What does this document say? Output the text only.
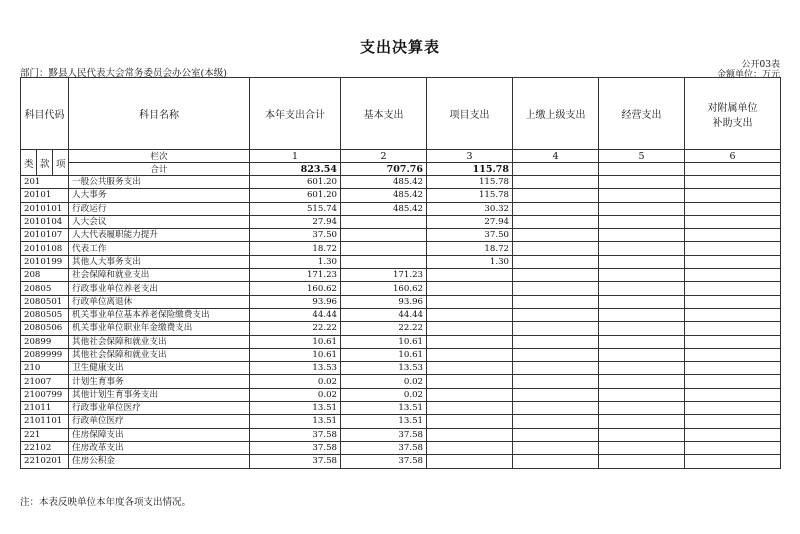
支出决算表
部门：黟县人民代表大会常务委员会办公室(本级)
公开03表
金额单位：万元
科目代码			科目名称	本年支出合计	基本支出	项目支出	上缴上级支出	经营支出	对附属单位
补助支出

类	款	项	栏次	1	2	3	4	5	6
			合计	823.54	707.76	115.78			
201			一般公共服务支出	601.20	485.42	115.78			
20101			人大事务	601.20	485.42	115.78			
2010101			行政运行	515.74	485.42	30.32			
2010104			人大会议	27.94		27.94			
2010107			人大代表履职能力提升	37.50		37.50			
2010108			代表工作	18.72		18.72			
2010199			其他人大事务支出	1.30		1.30			
208			社会保障和就业支出	171.23	171.23				
20805			行政事业单位养老支出	160.62	160.62				
2080501			行政单位离退休	93.96	93.96				
2080505			机关事业单位基本养老保险缴费支出	44.44	44.44				
2080506			机关事业单位职业年金缴费支出	22.22	22.22				
20899			其他社会保障和就业支出	10.61	10.61				
2089999			其他社会保障和就业支出	10.61	10.61				
210			卫生健康支出	13.53	13.53				
21007			计划生育事务	0.02	0.02				
2100799			其他计划生育事务支出	0.02	0.02				
21011			行政事业单位医疗	13.51	13.51				
2101101			行政单位医疗	13.51	13.51				
221			住房保障支出	37.58	37.58				
22102			住房改革支出	37.58	37.58				
2210201			住房公积金	37.58	37.58				
注：本表反映单位本年度各项支出情况。
